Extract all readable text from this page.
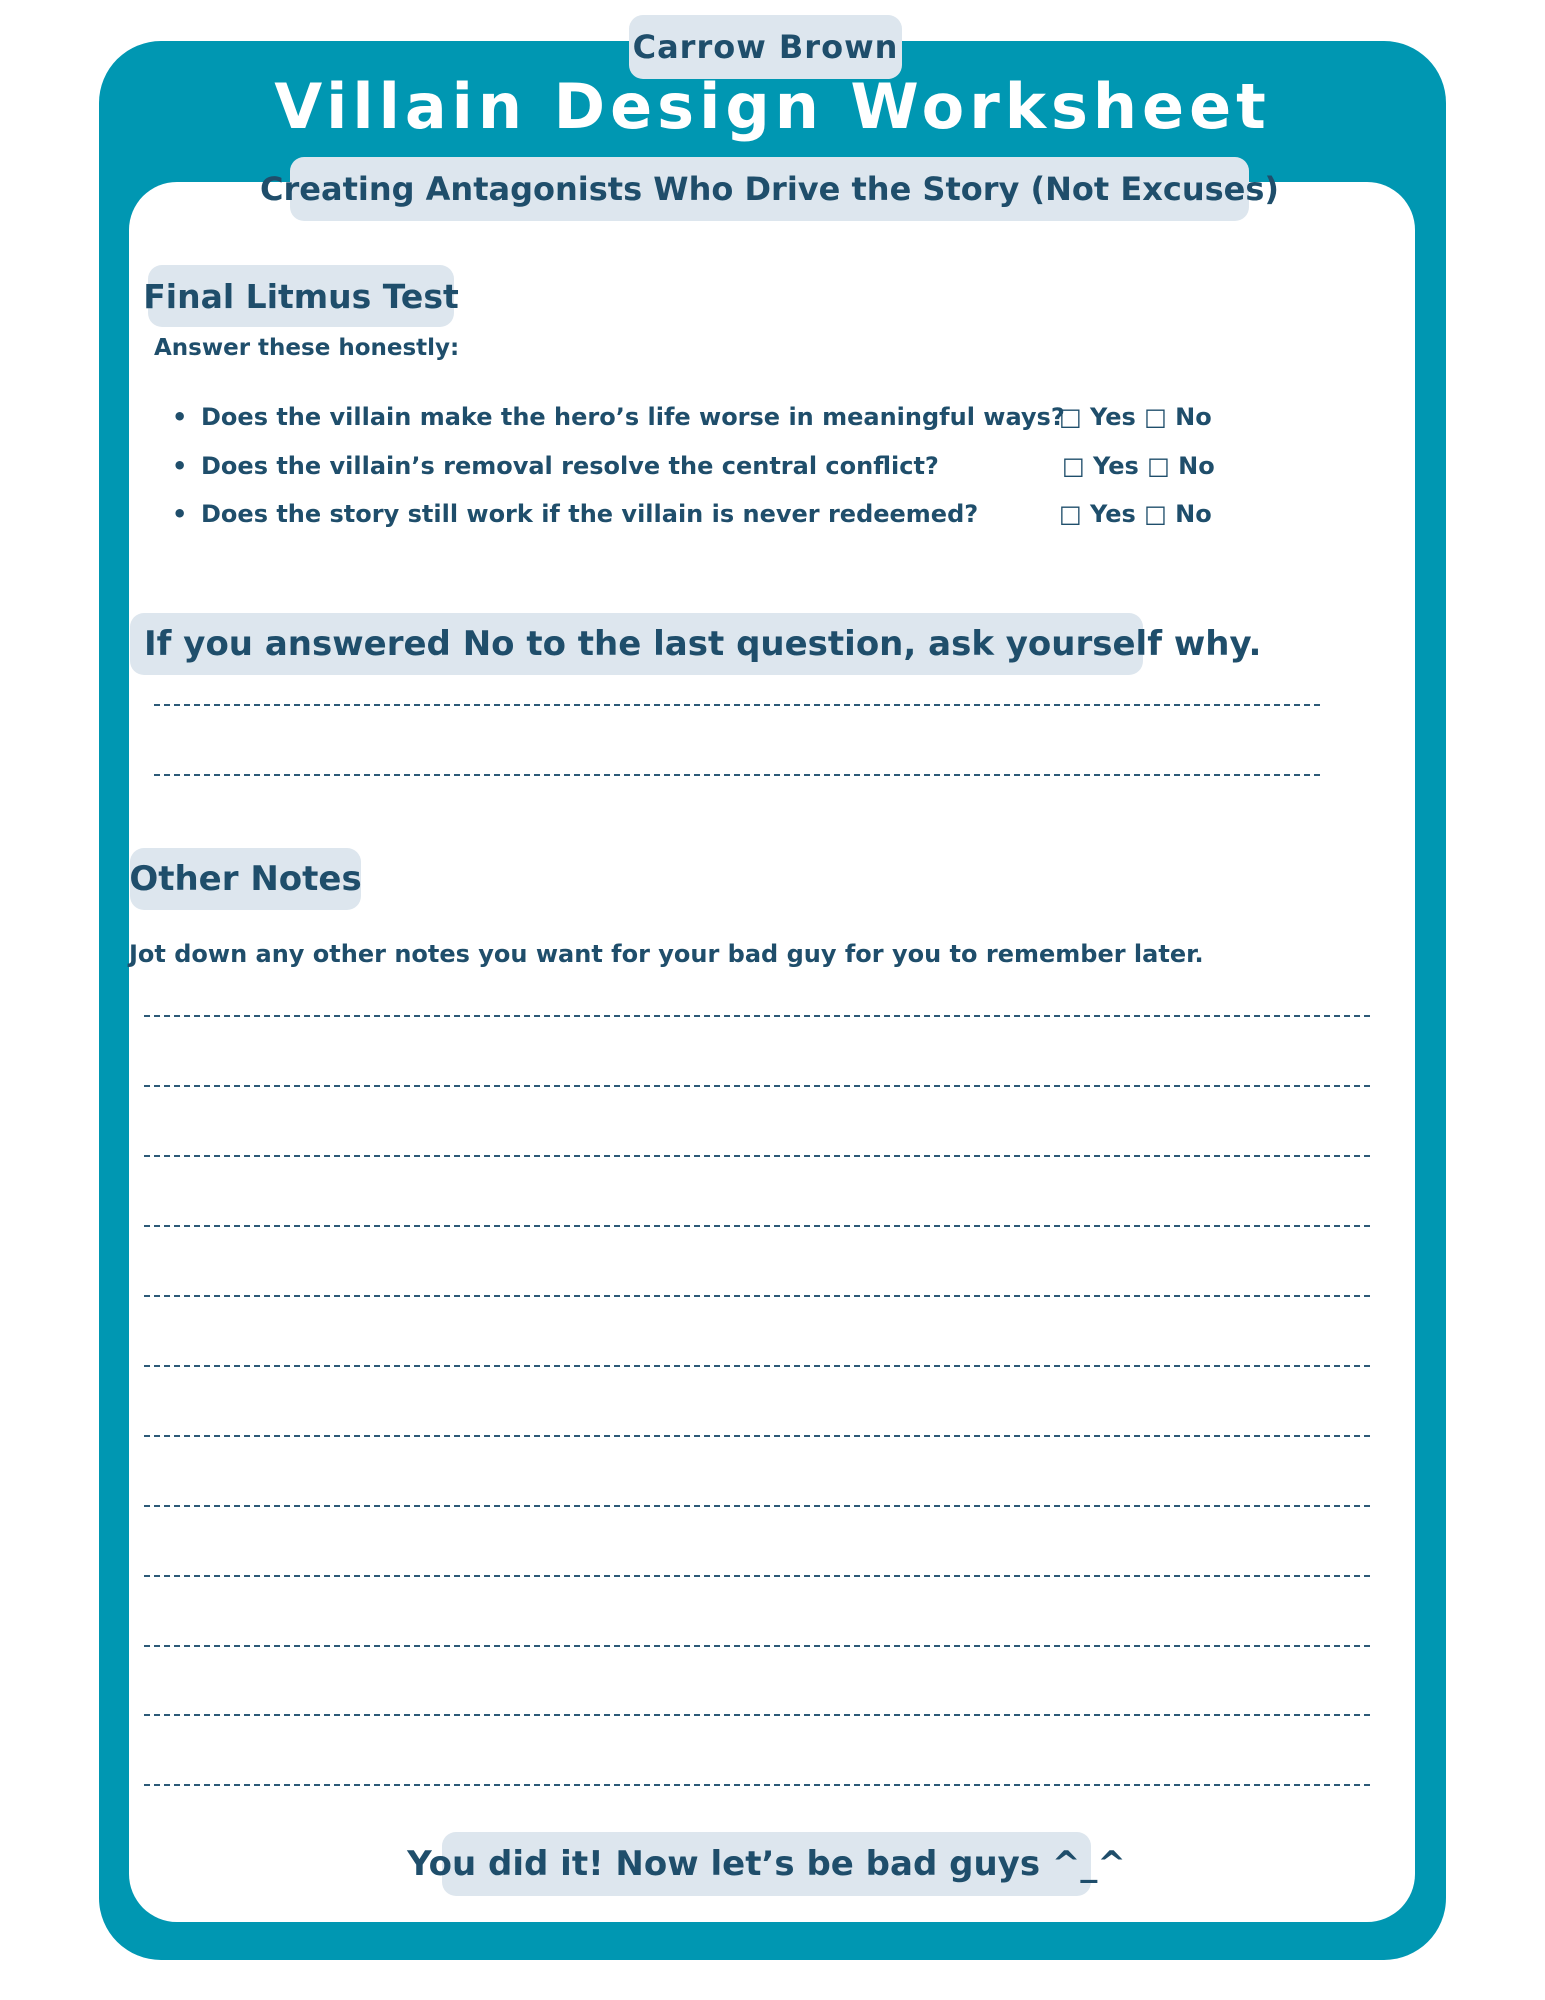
Carrow Brown
Villain Design Worksheet
Creating Antagonists Who Drive the Story (Not Excuses)
Final Litmus Test
Answer these honestly:
• Does the villain make the hero’s life worse in meaningful ways?
□ Yes □ No
• Does the villain’s removal resolve the central conflict?	□ Yes □ No
• Does the story still work if the villain is never redeemed?	□ Yes □ No
If you answered No to the last question, ask yourself why.
Other Notes
Jot down any other notes you want for your bad guy for you to remember later.
You did it! Now let’s be bad guys ^_^
